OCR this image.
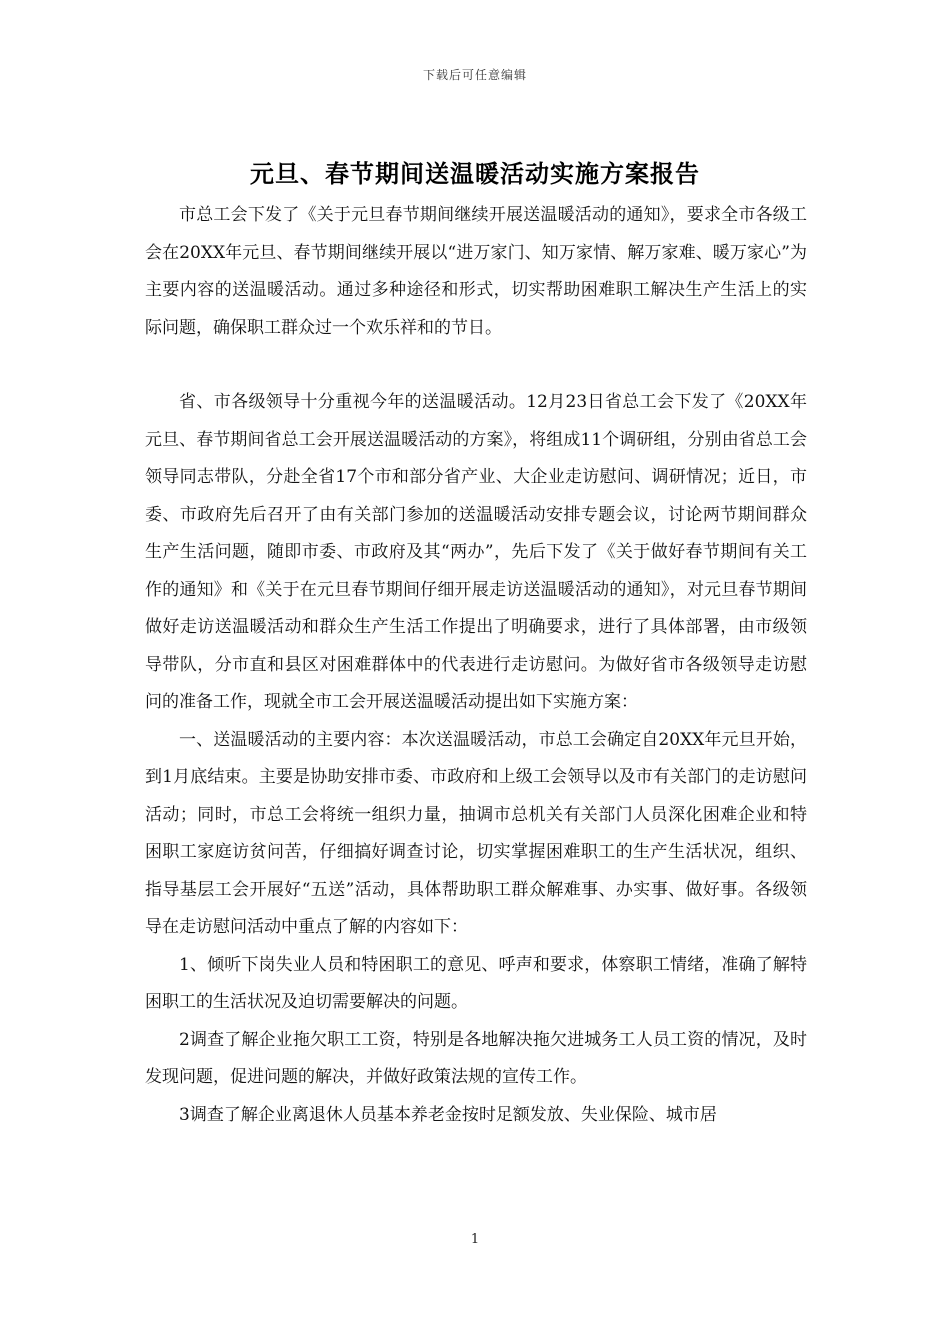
下载后可任意编辑
元旦、春节期间送温暖活动实施方案报告

市总工会下发了《关于元旦春节期间继续开展送温暖活动的通知》，要求全市各级工会在20XX年元旦、春节期间继续开展以“进万家门、知万家情、解万家难、暖万家心”为主要内容的送温暖活动。通过多种途径和形式，切实帮助困难职工解决生产生活上的实际问题，确保职工群众过一个欢乐祥和的节日。

省、市各级领导十分重视今年的送温暖活动。12月23日省总工会下发了《20XX年元旦、春节期间省总工会开展送温暖活动的方案》，将组成11个调研组，分别由省总工会领导同志带队，分赴全省17个市和部分省产业、大企业走访慰问、调研情况；近日，市委、市政府先后召开了由有关部门参加的送温暖活动安排专题会议，讨论两节期间群众生产生活问题，随即市委、市政府及其“两办”，先后下发了《关于做好春节期间有关工作的通知》和《关于在元旦春节期间仔细开展走访送温暖活动的通知》，对元旦春节期间做好走访送温暖活动和群众生产生活工作提出了明确要求，进行了具体部署，由市级领导带队，分市直和县区对困难群体中的代表进行走访慰问。为做好省市各级领导走访慰问的准备工作，现就全市工会开展送温暖活动提出如下实施方案：

一、送温暖活动的主要内容：本次送温暖活动，市总工会确定自20XX年元旦开始，到1月底结束。主要是协助安排市委、市政府和上级工会领导以及市有关部门的走访慰问活动；同时，市总工会将统一组织力量，抽调市总机关有关部门人员深化困难企业和特困职工家庭访贫问苦，仔细搞好调查讨论，切实掌握困难职工的生产生活状况，组织、指导基层工会开展好“五送”活动，具体帮助职工群众解难事、办实事、做好事。各级领导在走访慰问活动中重点了解的内容如下：

1、倾听下岗失业人员和特困职工的意见、呼声和要求，体察职工情绪，准确了解特困职工的生活状况及迫切需要解决的问题。

2调查了解企业拖欠职工工资，特别是各地解决拖欠进城务工人员工资的情况，及时发现问题，促进问题的解决，并做好政策法规的宣传工作。

3调查了解企业离退休人员基本养老金按时足额发放、失业保险、城市居

1
